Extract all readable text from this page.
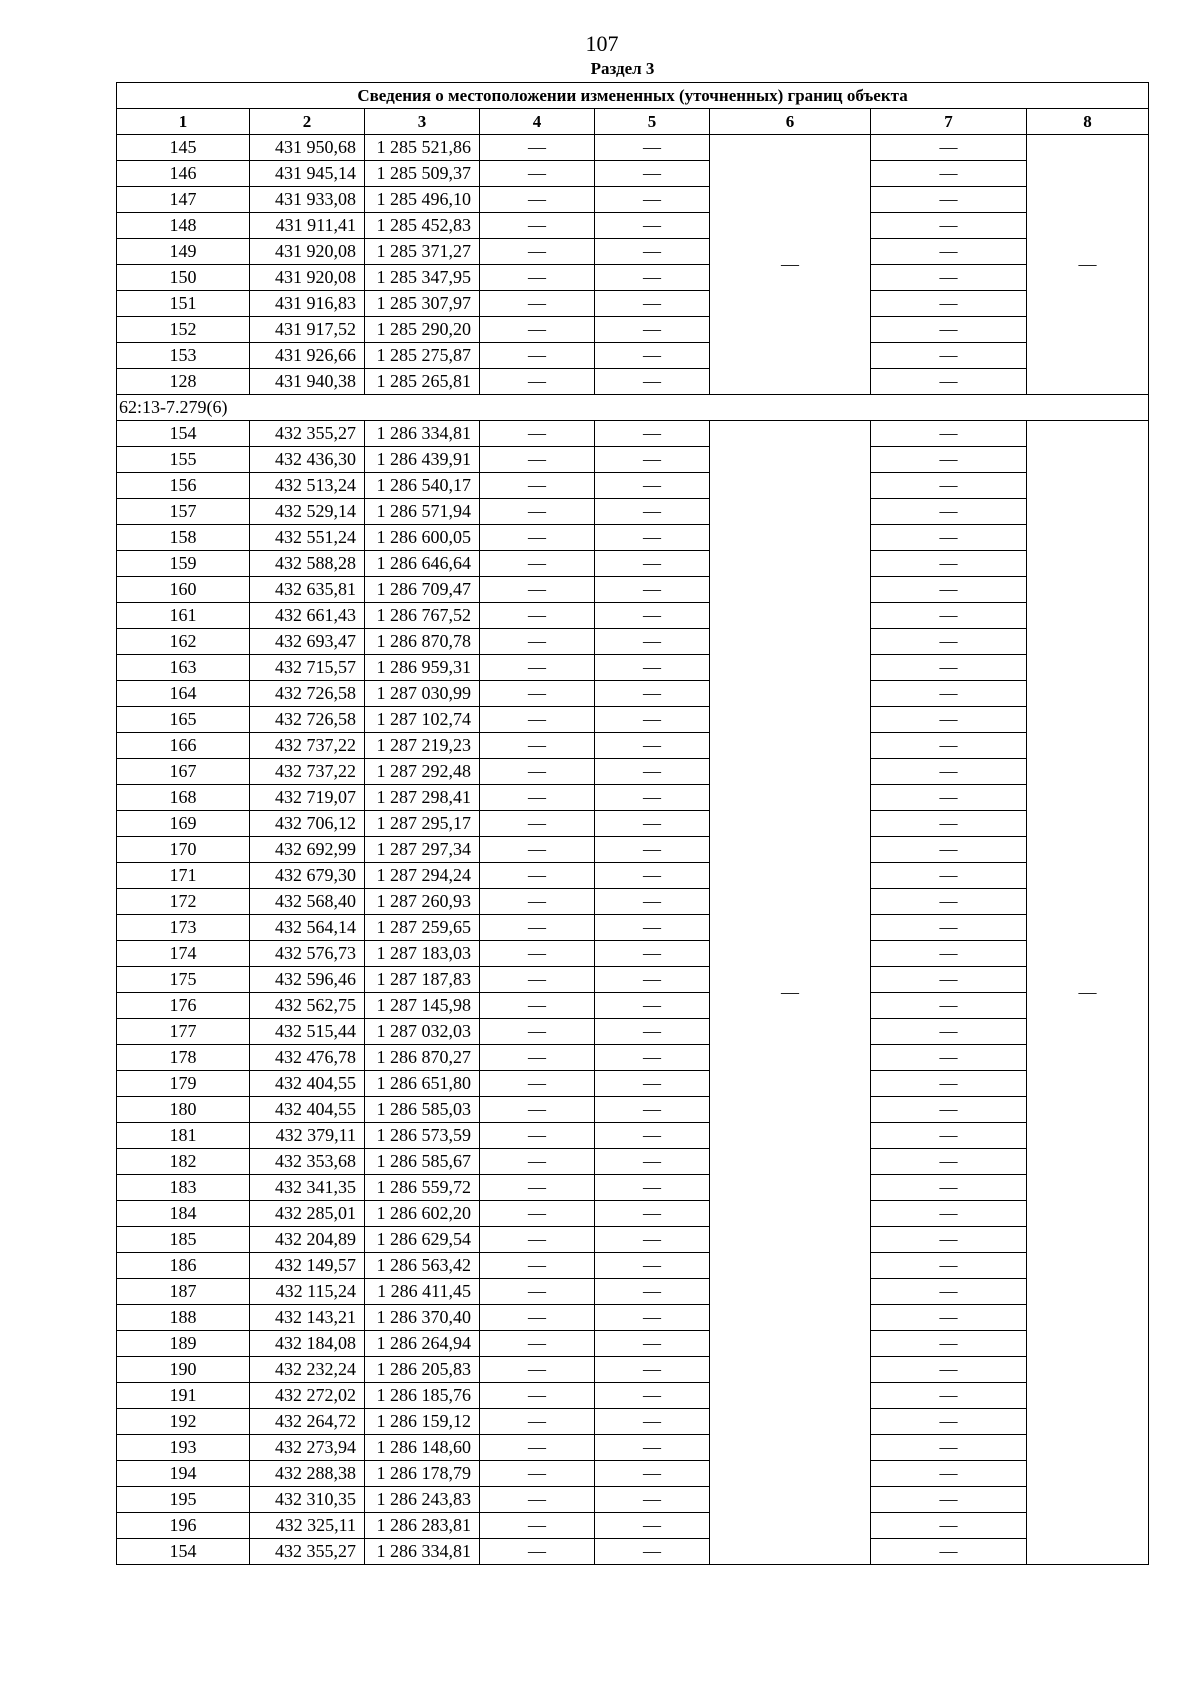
107
Раздел 3
Сведения о местоположении измененных (уточненных) границ объекта							
1	2	3	4	5	6	7	8
145	431 950,68	1 285 521,86	—	—	—	—	—
146	431 945,14	1 285 509,37	—	—		—	
147	431 933,08	1 285 496,10	—	—		—	
148	431 911,41	1 285 452,83	—	—		—	
149	431 920,08	1 285 371,27	—	—		—	
150	431 920,08	1 285 347,95	—	—		—	
151	431 916,83	1 285 307,97	—	—		—	
152	431 917,52	1 285 290,20	—	—		—	
153	431 926,66	1 285 275,87	—	—		—	
128	431 940,38	1 285 265,81	—	—		—	
62:13-7.279(6)							
154	432 355,27	1 286 334,81	—	—	—	—	—
155	432 436,30	1 286 439,91	—	—		—	
156	432 513,24	1 286 540,17	—	—		—	
157	432 529,14	1 286 571,94	—	—		—	
158	432 551,24	1 286 600,05	—	—		—	
159	432 588,28	1 286 646,64	—	—		—	
160	432 635,81	1 286 709,47	—	—		—	
161	432 661,43	1 286 767,52	—	—		—	
162	432 693,47	1 286 870,78	—	—		—	
163	432 715,57	1 286 959,31	—	—		—	
164	432 726,58	1 287 030,99	—	—		—	
165	432 726,58	1 287 102,74	—	—		—	
166	432 737,22	1 287 219,23	—	—		—	
167	432 737,22	1 287 292,48	—	—		—	
168	432 719,07	1 287 298,41	—	—		—	
169	432 706,12	1 287 295,17	—	—		—	
170	432 692,99	1 287 297,34	—	—		—	
171	432 679,30	1 287 294,24	—	—		—	
172	432 568,40	1 287 260,93	—	—		—	
173	432 564,14	1 287 259,65	—	—		—	
174	432 576,73	1 287 183,03	—	—		—	
175	432 596,46	1 287 187,83	—	—		—	
176	432 562,75	1 287 145,98	—	—		—	
177	432 515,44	1 287 032,03	—	—		—	
178	432 476,78	1 286 870,27	—	—		—	
179	432 404,55	1 286 651,80	—	—		—	
180	432 404,55	1 286 585,03	—	—		—	
181	432 379,11	1 286 573,59	—	—		—	
182	432 353,68	1 286 585,67	—	—		—	
183	432 341,35	1 286 559,72	—	—		—	
184	432 285,01	1 286 602,20	—	—		—	
185	432 204,89	1 286 629,54	—	—		—	
186	432 149,57	1 286 563,42	—	—		—	
187	432 115,24	1 286 411,45	—	—		—	
188	432 143,21	1 286 370,40	—	—		—	
189	432 184,08	1 286 264,94	—	—		—	
190	432 232,24	1 286 205,83	—	—		—	
191	432 272,02	1 286 185,76	—	—		—	
192	432 264,72	1 286 159,12	—	—		—	
193	432 273,94	1 286 148,60	—	—		—	
194	432 288,38	1 286 178,79	—	—		—	
195	432 310,35	1 286 243,83	—	—		—	
196	432 325,11	1 286 283,81	—	—		—	
154	432 355,27	1 286 334,81	—	—		—	
